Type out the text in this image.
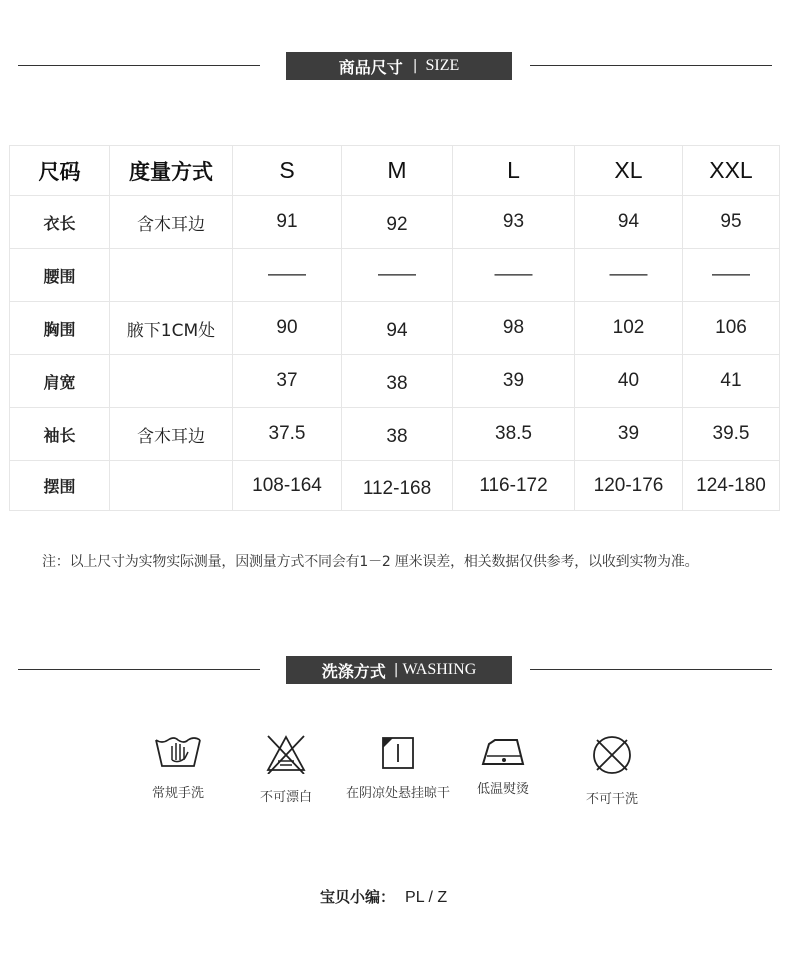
商品尺寸 | SIZE
尺码	度量方式	S	M	L	XL	XXL
衣长	含木耳边	91	92	93	94	95
腰围		——	——	——	——	——
胸围	腋下1CM处	90	94	98	102	106
肩宽		37	38	39	40	41
袖长	含木耳边	37.5	38	38.5	39	39.5
摆围		108-164	112-168	116-172	120-176	124-180
注：以上尺寸为实物实际测量，因测量方式不同会有1－2 厘米误差，相关数据仅供参考，以收到实物为准。
洗涤方式 | WASHING
常规手洗	不可漂白	在阴凉处悬挂晾干	低温熨烫
不可干洗
宝贝小编： PL / Z
